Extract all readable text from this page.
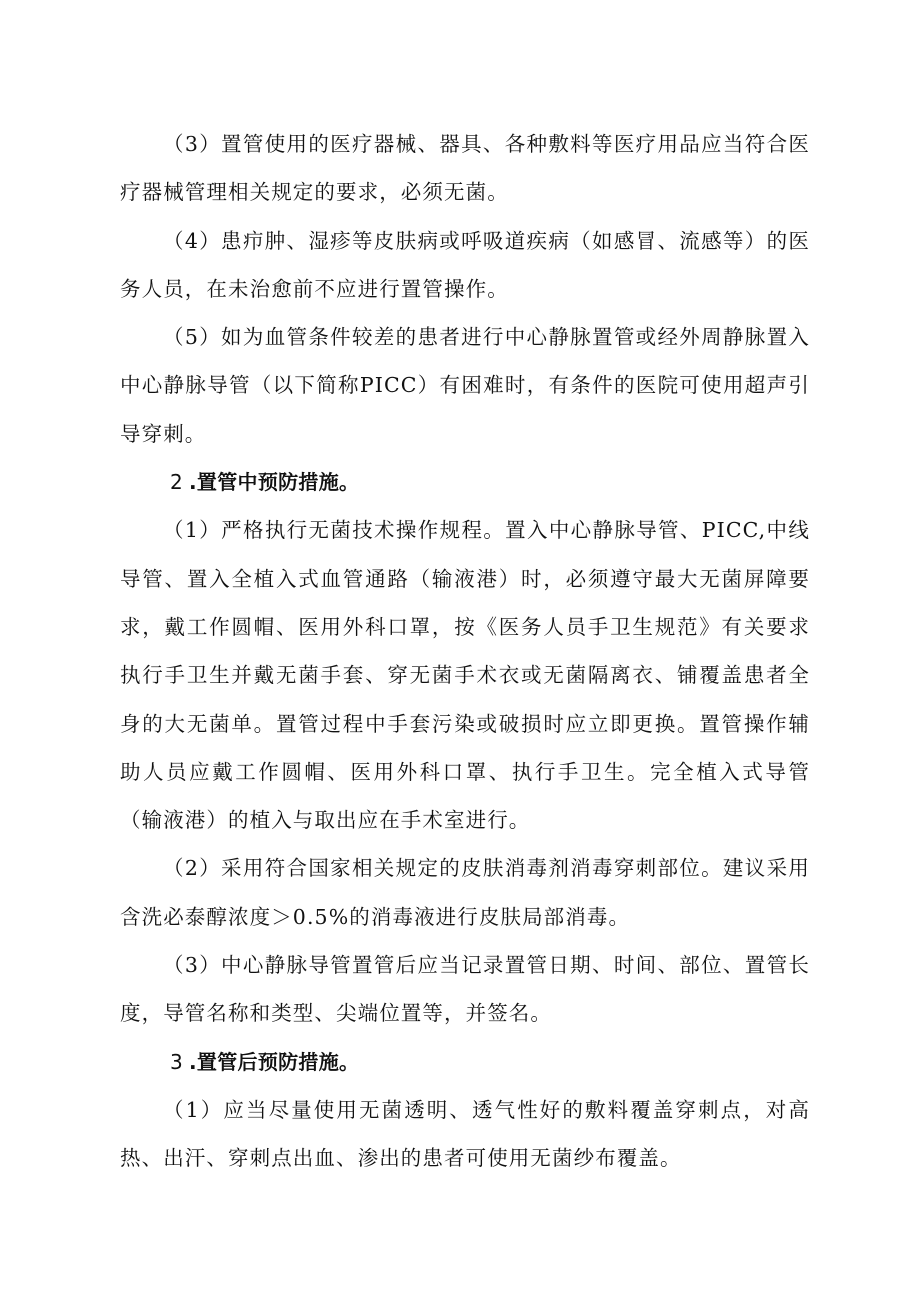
（3）置管使用的医疗器械、器具、各种敷料等医疗用品应当符合医疗器械管理相关规定的要求，必须无菌。

（4）患疖肿、湿疹等皮肤病或呼吸道疾病（如感冒、流感等）的医务人员，在未治愈前不应进行置管操作。

（5）如为血管条件较差的患者进行中心静脉置管或经外周静脉置入中心静脉导管（以下简称PICC）有困难时，有条件的医院可使用超声引导穿刺。

2 .置管中预防措施。

（1）严格执行无菌技术操作规程。置入中心静脉导管、PICC,中线导管、置入全植入式血管通路（输液港）时，必须遵守最大无菌屏障要求，戴工作圆帽、医用外科口罩，按《医务人员手卫生规范》有关要求执行手卫生并戴无菌手套、穿无菌手术衣或无菌隔离衣、铺覆盖患者全身的大无菌单。置管过程中手套污染或破损时应立即更换。置管操作辅助人员应戴工作圆帽、医用外科口罩、执行手卫生。完全植入式导管（输液港）的植入与取出应在手术室进行。

（2）采用符合国家相关规定的皮肤消毒剂消毒穿刺部位。建议采用含洗必泰醇浓度＞0.5%的消毒液进行皮肤局部消毒。

（3）中心静脉导管置管后应当记录置管日期、时间、部位、置管长度，导管名称和类型、尖端位置等，并签名。

3 .置管后预防措施。

（1）应当尽量使用无菌透明、透气性好的敷料覆盖穿刺点，对高热、出汗、穿刺点出血、渗出的患者可使用无菌纱布覆盖。
